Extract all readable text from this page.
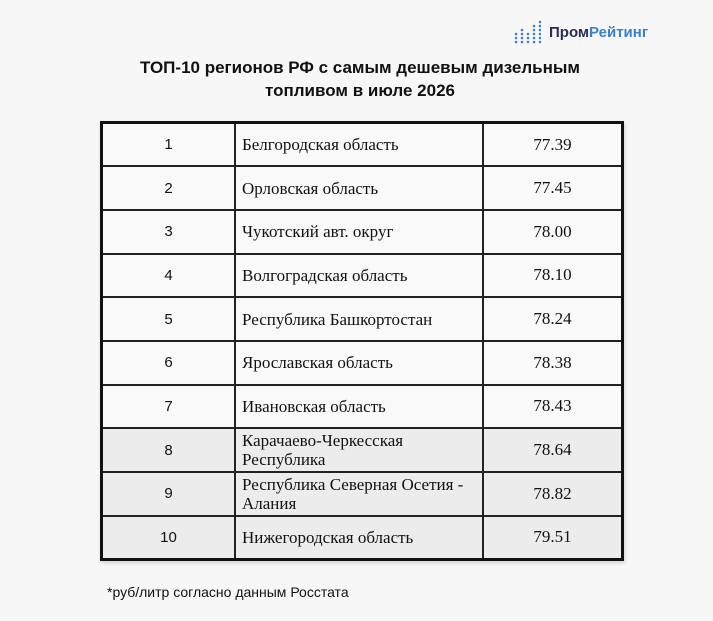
ПромРейтинг
ТОП-10 регионов РФ с самым дешевым дизельным
топливом в июле 2026
1	Белгородская область	77.39
2	Орловская область	77.45
3	Чукотский авт. округ	78.00
4	Волгоградская область	78.10
5	Республика Башкортостан	78.24
6	Ярославская область	78.38
7	Ивановская область	78.43
8	Карачаево-Черкесская Республика	78.64
9	Республика Северная Осетия - Алания	78.82
10	Нижегородская область	79.51
*руб/литр согласно данным Росстата
